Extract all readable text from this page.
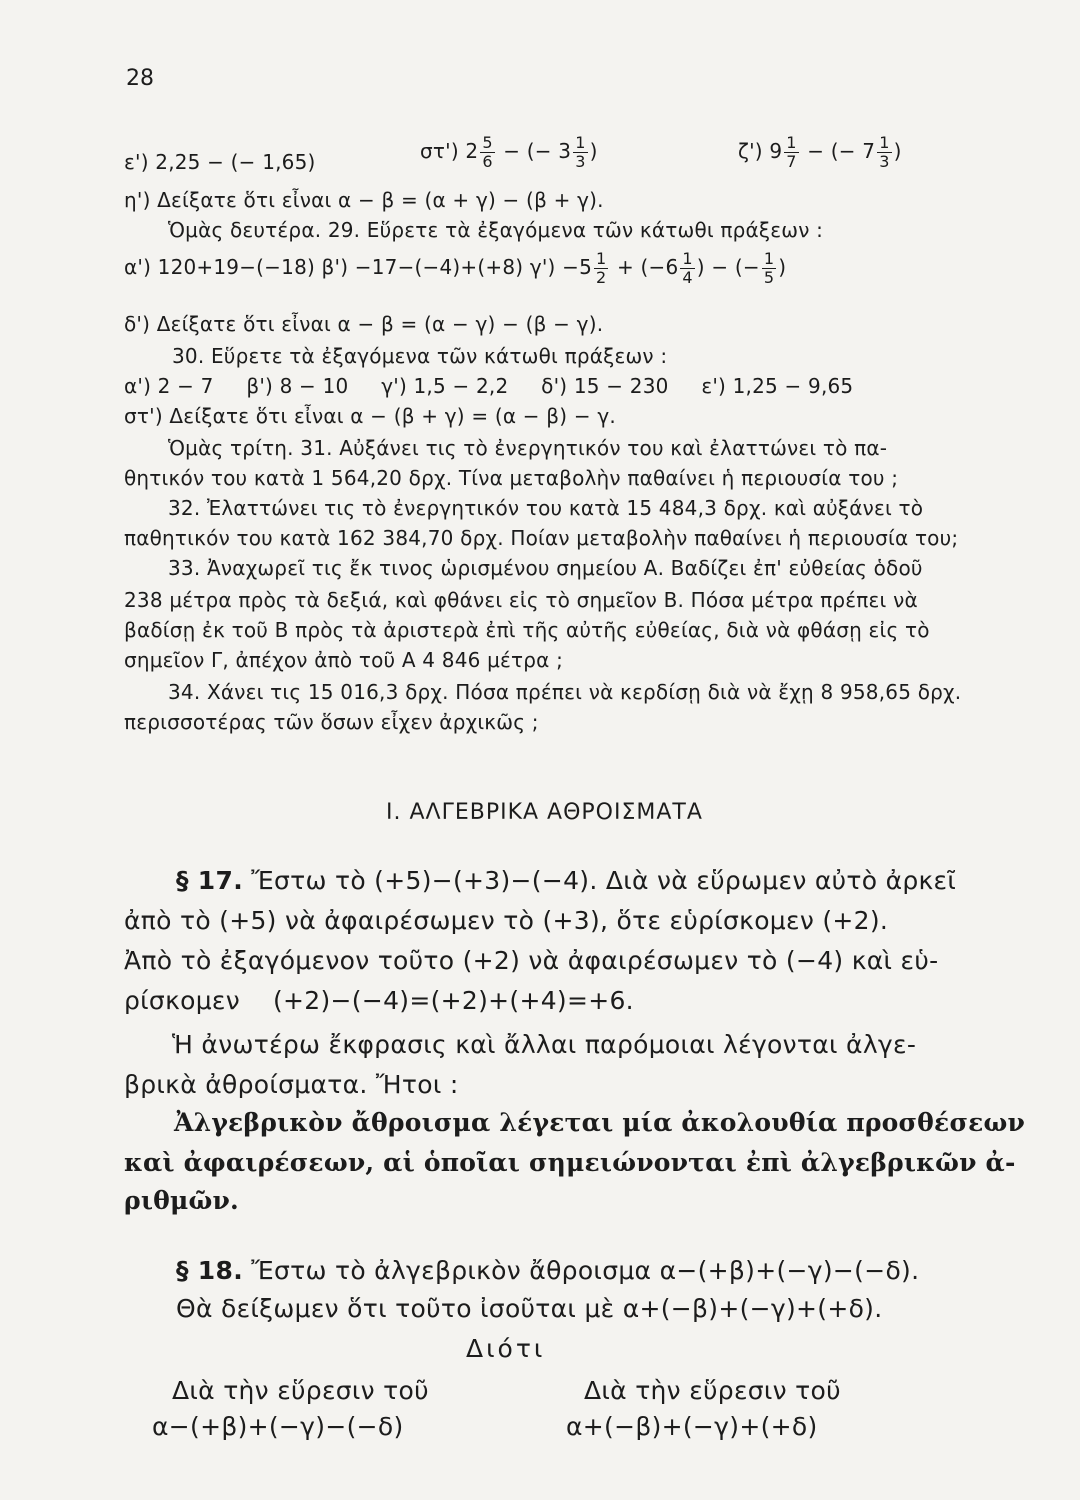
28
ε') 2,25 − (− 1,65)	στ') $2 \frac{5}{6}$ − (− $3 \frac{1}{3}$ )	ζ') $9 \frac{1}{7}$ − (− $7 \frac{1}{3}$ )
η') Δείξατε ὅτι εἶναι α − β = (α + γ) − (β + γ).
Ὁμὰς δευτέρα. 29. Εὕρετε τὰ ἐξαγόμενα τῶν κάτωθι πράξεων :
α') 120+19−(−18) β') −17−(−4)+(+8) $\gamma') -5 \frac{1}{2} + (-6 \frac{1}{4}$ ) − (− $\frac{1}{5}$ )
δ') Δείξατε ὅτι εἶναι α − β = (α − γ) − (β − γ).
30. Εὕρετε τὰ ἐξαγόμενα τῶν κάτωθι πράξεων :
α') 2 − 7     β') 8 − 10     γ') 1,5 − 2,2     δ') 15 − 230     ε') 1,25 − 9,65
στ') Δείξατε ὅτι εἶναι α − (β + γ) = (α − β) − γ.
Ὁμὰς τρίτη. 31. Αὐξάνει τις τὸ ἐνεργητικόν του καὶ ἐλαττώνει τὸ πα-
θητικόν του κατὰ 1 564,20 δρχ. Τίνα μεταβολὴν παθαίνει ἡ περιουσία του ;
32. Ἐλαττώνει τις τὸ ἐνεργητικόν του κατὰ 15 484,3 δρχ. καὶ αὐξάνει τὸ
παθητικόν του κατὰ 162 384,70 δρχ. Ποίαν μεταβολὴν παθαίνει ἡ περιουσία του;
33. Ἀναχωρεῖ τις ἔκ τινος ὡρισμένου σημείου Α. Βαδίζει ἐπ' εὐθείας ὁδοῦ
238 μέτρα πρὸς τὰ δεξιά, καὶ φθάνει εἰς τὸ σημεῖον Β. Πόσα μέτρα πρέπει νὰ
βαδίσῃ ἐκ τοῦ Β πρὸς τὰ ἀριστερὰ ἐπὶ τῆς αὐτῆς εὐθείας, διὰ νὰ φθάσῃ εἰς τὸ
σημεῖον Γ, ἀπέχον ἀπὸ τοῦ Α 4 846 μέτρα ;
34. Χάνει τις 15 016,3 δρχ. Πόσα πρέπει νὰ κερδίσῃ διὰ νὰ ἔχῃ 8 958,65 δρχ.
περισσοτέρας τῶν ὅσων εἶχεν ἀρχικῶς ;
Ι. ΑΛΓΕΒΡΙΚΑ ΑΘΡΟΙΣΜΑΤΑ
§ 17. Ἔστω τὸ (+5)−(+3)−(−4). Διὰ νὰ εὕρωμεν αὐτὸ ἀρκεῖ
ἀπὸ τὸ (+5) νὰ ἀφαιρέσωμεν τὸ (+3), ὅτε εὑρίσκομεν (+2).
Ἀπὸ τὸ ἐξαγόμενον τοῦτο (+2) νὰ ἀφαιρέσωμεν τὸ (−4) καὶ εὑ-
ρίσκομεν    (+2)−(−4)=(+2)+(+4)=+6.
Ἡ ἀνωτέρω ἔκφρασις καὶ ἄλλαι παρόμοιαι λέγονται ἀλγε-
βρικὰ ἀθροίσματα. Ἤτοι :
Ἀλγεβρικὸν ἄθροισμα λέγεται μία ἀκολουθία προσθέσεων
καὶ ἀφαιρέσεων, αἱ ὁποῖαι σημειώνονται ἐπὶ ἀλγεβρικῶν ἀ-
ριθμῶν.
§ 18. Ἔστω τὸ ἀλγεβρικὸν ἄθροισμα α−(+β)+(−γ)−(−δ).
Θὰ δείξωμεν ὅτι τοῦτο ἰσοῦται μὲ α+(−β)+(−γ)+(+δ).
Διότι
Διὰ τὴν εὕρεσιν τοῦ
α−(+β)+(−γ)−(−δ)
Διὰ τὴν εὕρεσιν τοῦ
α+(−β)+(−γ)+(+δ)
